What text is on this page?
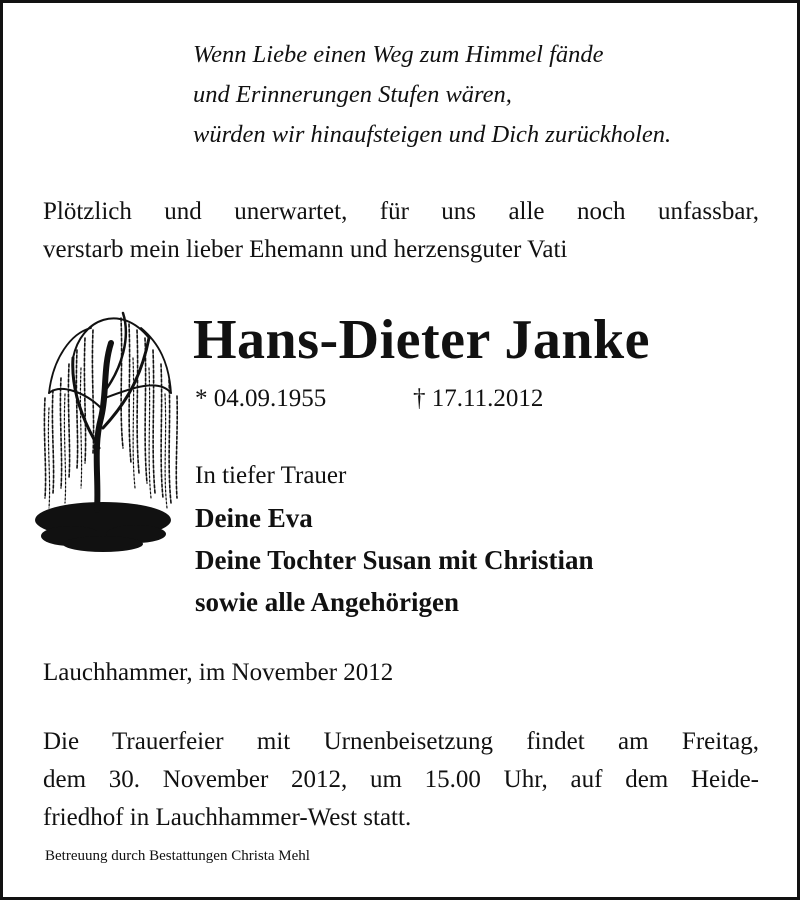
Wenn Liebe einen Weg zum Himmel fände
und Erinnerungen Stufen wären,
würden wir hinaufsteigen und Dich zurückholen.
Plötzlich und unerwartet, für uns alle noch unfassbar,
verstarb mein lieber Ehemann und herzensguter Vati
Hans-Dieter Janke
* 04.09.1955	† 17.11.2012
In tiefer Trauer
Deine Eva
Deine Tochter Susan mit Christian
sowie alle Angehörigen
Lauchhammer, im November 2012
Die Trauerfeier mit Urnenbeisetzung findet am Freitag,
dem 30. November 2012, um 15.00 Uhr, auf dem Heide-
friedhof in Lauchhammer-West statt.
Betreuung durch Bestattungen Christa Mehl
